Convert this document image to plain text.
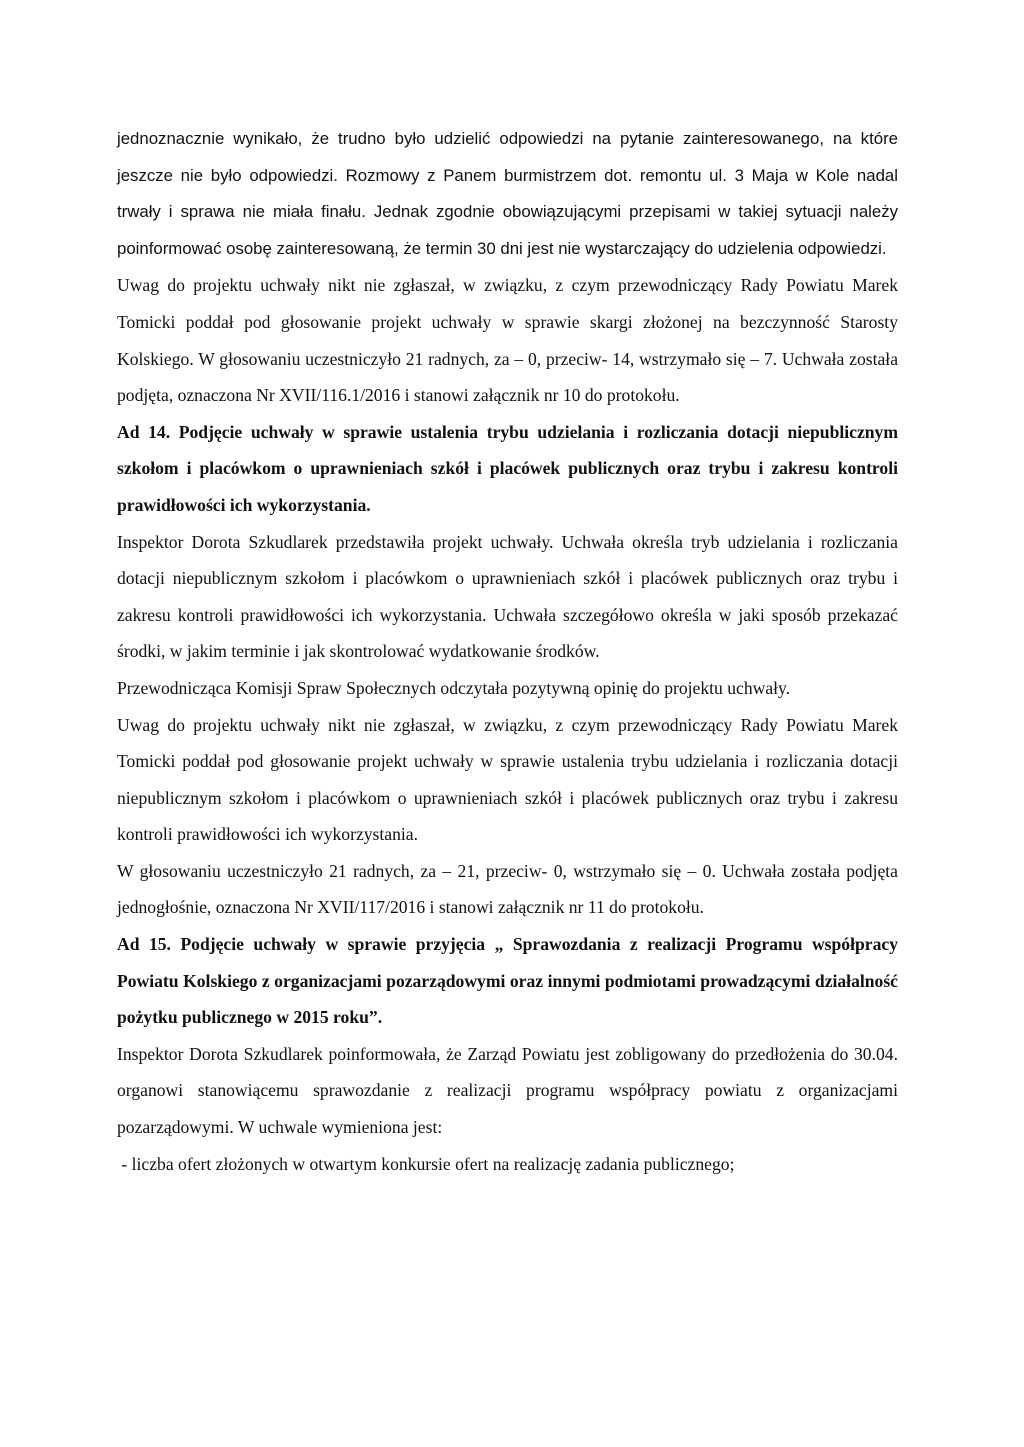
jednoznacznie wynikało, że trudno było udzielić odpowiedzi na pytanie zainteresowanego, na które jeszcze nie było odpowiedzi. Rozmowy z Panem burmistrzem dot. remontu ul. 3 Maja w Kole nadal trwały i sprawa nie miała finału. Jednak zgodnie obowiązującymi przepisami w takiej sytuacji należy poinformować osobę zainteresowaną, że termin 30 dni jest nie wystarczający do udzielenia odpowiedzi.

Uwag do projektu uchwały nikt nie zgłaszał, w związku, z czym przewodniczący Rady Powiatu Marek Tomicki poddał pod głosowanie projekt uchwały w sprawie skargi złożonej na bezczynność Starosty Kolskiego. W głosowaniu uczestniczyło 21 radnych, za – 0, przeciw- 14, wstrzymało się – 7. Uchwała została podjęta, oznaczona Nr XVII/116.1/2016 i stanowi załącznik nr 10 do protokołu.

Ad 14. Podjęcie uchwały w sprawie ustalenia trybu udzielania i rozliczania dotacji niepublicznym szkołom i placówkom o uprawnieniach szkół i placówek publicznych oraz trybu i zakresu kontroli prawidłowości ich wykorzystania.

Inspektor Dorota Szkudlarek przedstawiła projekt uchwały. Uchwała określa tryb udzielania i rozliczania dotacji niepublicznym szkołom i placówkom o uprawnieniach szkół i placówek publicznych oraz trybu i zakresu kontroli prawidłowości ich wykorzystania. Uchwała szczegółowo określa w jaki sposób przekazać środki, w jakim terminie i jak skontrolować wydatkowanie środków.

Przewodnicząca Komisji Spraw Społecznych odczytała pozytywną opinię do projektu uchwały.

Uwag do projektu uchwały nikt nie zgłaszał, w związku, z czym przewodniczący Rady Powiatu Marek Tomicki poddał pod głosowanie projekt uchwały w sprawie ustalenia trybu udzielania i rozliczania dotacji niepublicznym szkołom i placówkom o uprawnieniach szkół i placówek publicznych oraz trybu i zakresu kontroli prawidłowości ich wykorzystania.

W głosowaniu uczestniczyło 21 radnych, za – 21, przeciw- 0, wstrzymało się – 0. Uchwała została podjęta jednogłośnie, oznaczona Nr XVII/117/2016 i stanowi załącznik nr 11 do protokołu.

Ad 15. Podjęcie uchwały w sprawie przyjęcia „ Sprawozdania z realizacji Programu współpracy Powiatu Kolskiego z organizacjami pozarządowymi oraz innymi podmiotami prowadzącymi działalność pożytku publicznego w 2015 roku”.

Inspektor Dorota Szkudlarek poinformowała, że Zarząd Powiatu jest zobligowany do przedłożenia do 30.04. organowi stanowiącemu sprawozdanie z realizacji programu współpracy powiatu z organizacjami pozarządowymi. W uchwale wymieniona jest:

- liczba ofert złożonych w otwartym konkursie ofert na realizację zadania publicznego;
